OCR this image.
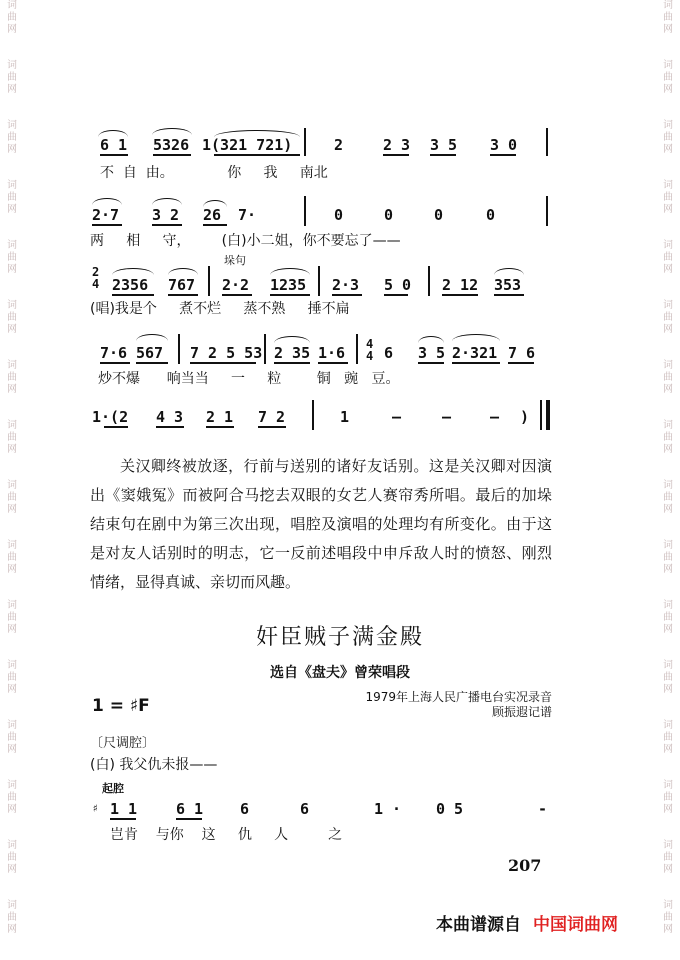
词曲网
词曲网
词曲网
词曲网
词曲网
词曲网
词曲网
词曲网
词曲网
词曲网
词曲网
词曲网
词曲网
词曲网
词曲网
词曲网
词曲网
词曲网
词曲网
词曲网
词曲网
词曲网
词曲网
词曲网
词曲网
词曲网
词曲网
词曲网
词曲网
词曲网
词曲网
词曲网
6 1 5326 1(321 721)	2	2 3 3 5 3 0
不  自  由。            你     我     南北
2·7 3 2 26 7·	0	0	0	0
两     相     守，       (白)小二姐，你不要忘了——
垛句
2
4 2356 767 2·2 1235 2·3 5 0 2 12 353
(唱)我是个     煮不烂     蒸不熟     捶不扁
7·6 567 7 2 5 53 2 35 1·6 4
4 6 3 5 2·321 7 6
炒不爆      响当当     一     粒        铜   豌   豆。
1·(2 4 3 2 1 7 2	1	–	–	– )

关汉卿终被放逐，行前与送别的诸好友话别。这是关汉卿对因演出《窦娥冤》而被阿合马挖去双眼的女艺人赛帘秀所唱。最后的加垛结束句在剧中为第三次出现，唱腔及演唱的处理均有所变化。由于这是对友人话别时的明志，它一反前述唱段中申斥敌人时的愤怒、刚烈情绪，显得真诚、亲切而风趣。

奸臣贼子满金殿
选自《盘夫》曾荣唱段
1 = ♯F	1979年上海人民广播电台实况录音
顾振遐记谱
〔尺调腔〕
(白) 我父仇未报——
起腔
♯ 1 1	6 1 6	6	1 · 0 5	-
岂肯    与你    这     仇     人         之
207
本曲谱源自 中国词曲网
